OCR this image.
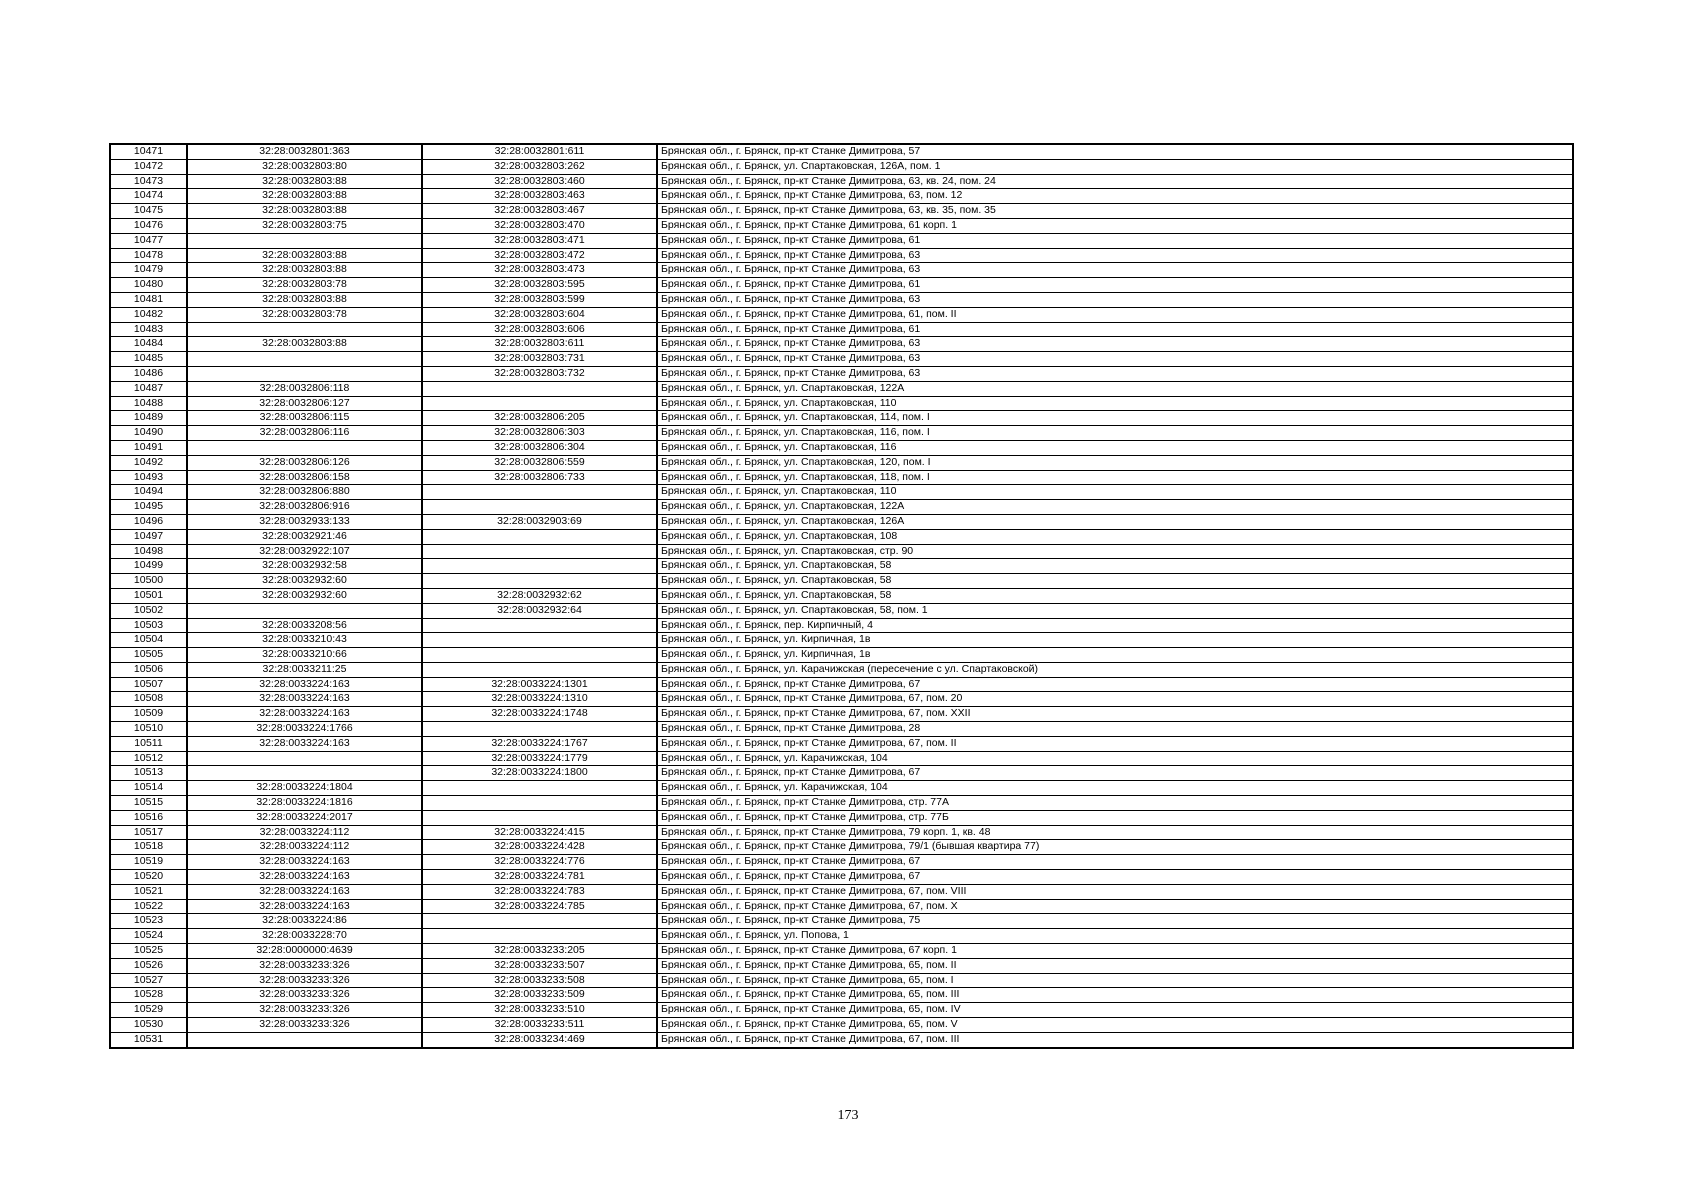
10471	32:28:0032801:363	32:28:0032801:611	Брянская обл., г. Брянск, пр-кт Станке Димитрова, 57
10472	32:28:0032803:80	32:28:0032803:262	Брянская обл., г. Брянск, ул. Спартаковская, 126А, пом. 1
10473	32:28:0032803:88	32:28:0032803:460	Брянская обл., г. Брянск, пр-кт Станке Димитрова, 63, кв. 24, пом. 24
10474	32:28:0032803:88	32:28:0032803:463	Брянская обл., г. Брянск, пр-кт Станке Димитрова, 63, пом. 12
10475	32:28:0032803:88	32:28:0032803:467	Брянская обл., г. Брянск, пр-кт Станке Димитрова, 63, кв. 35, пом. 35
10476	32:28:0032803:75	32:28:0032803:470	Брянская обл., г. Брянск, пр-кт Станке Димитрова, 61 корп. 1
10477		32:28:0032803:471	Брянская обл., г. Брянск, пр-кт Станке Димитрова, 61
10478	32:28:0032803:88	32:28:0032803:472	Брянская обл., г. Брянск, пр-кт Станке Димитрова, 63
10479	32:28:0032803:88	32:28:0032803:473	Брянская обл., г. Брянск, пр-кт Станке Димитрова, 63
10480	32:28:0032803:78	32:28:0032803:595	Брянская обл., г. Брянск, пр-кт Станке Димитрова, 61
10481	32:28:0032803:88	32:28:0032803:599	Брянская обл., г. Брянск, пр-кт Станке Димитрова, 63
10482	32:28:0032803:78	32:28:0032803:604	Брянская обл., г. Брянск, пр-кт Станке Димитрова, 61, пом. II
10483		32:28:0032803:606	Брянская обл., г. Брянск, пр-кт Станке Димитрова, 61
10484	32:28:0032803:88	32:28:0032803:611	Брянская обл., г. Брянск, пр-кт Станке Димитрова, 63
10485		32:28:0032803:731	Брянская обл., г. Брянск, пр-кт Станке Димитрова, 63
10486		32:28:0032803:732	Брянская обл., г. Брянск, пр-кт Станке Димитрова, 63
10487	32:28:0032806:118		Брянская обл., г. Брянск, ул. Спартаковская, 122А
10488	32:28:0032806:127		Брянская обл., г. Брянск, ул. Спартаковская, 110
10489	32:28:0032806:115	32:28:0032806:205	Брянская обл., г. Брянск, ул. Спартаковская, 114, пом. I
10490	32:28:0032806:116	32:28:0032806:303	Брянская обл., г. Брянск, ул. Спартаковская, 116, пом. I
10491		32:28:0032806:304	Брянская обл., г. Брянск, ул. Спартаковская, 116
10492	32:28:0032806:126	32:28:0032806:559	Брянская обл., г. Брянск, ул. Спартаковская, 120, пом. I
10493	32:28:0032806:158	32:28:0032806:733	Брянская обл., г. Брянск, ул. Спартаковская, 118, пом. I
10494	32:28:0032806:880		Брянская обл., г. Брянск, ул. Спартаковская, 110
10495	32:28:0032806:916		Брянская обл., г. Брянск, ул. Спартаковская, 122А
10496	32:28:0032933:133	32:28:0032903:69	Брянская обл., г. Брянск, ул. Спартаковская, 126А
10497	32:28:0032921:46		Брянская обл., г. Брянск, ул. Спартаковская, 108
10498	32:28:0032922:107		Брянская обл., г. Брянск, ул. Спартаковская, стр. 90
10499	32:28:0032932:58		Брянская обл., г. Брянск, ул. Спартаковская, 58
10500	32:28:0032932:60		Брянская обл., г. Брянск, ул. Спартаковская, 58
10501	32:28:0032932:60	32:28:0032932:62	Брянская обл., г. Брянск, ул. Спартаковская, 58
10502		32:28:0032932:64	Брянская обл., г. Брянск, ул. Спартаковская, 58, пом. 1
10503	32:28:0033208:56		Брянская обл., г. Брянск, пер. Кирпичный, 4
10504	32:28:0033210:43		Брянская обл., г. Брянск, ул. Кирпичная, 1в
10505	32:28:0033210:66		Брянская обл., г. Брянск, ул. Кирпичная, 1в
10506	32:28:0033211:25		Брянская обл., г. Брянск, ул. Карачижская (пересечение с ул. Спартаковской)
10507	32:28:0033224:163	32:28:0033224:1301	Брянская обл., г. Брянск, пр-кт Станке Димитрова, 67
10508	32:28:0033224:163	32:28:0033224:1310	Брянская обл., г. Брянск, пр-кт Станке Димитрова, 67, пом. 20
10509	32:28:0033224:163	32:28:0033224:1748	Брянская обл., г. Брянск, пр-кт Станке Димитрова, 67, пом. XXII
10510	32:28:0033224:1766		Брянская обл., г. Брянск, пр-кт Станке Димитрова, 28
10511	32:28:0033224:163	32:28:0033224:1767	Брянская обл., г. Брянск, пр-кт Станке Димитрова, 67, пом. II
10512		32:28:0033224:1779	Брянская обл., г. Брянск, ул. Карачижская, 104
10513		32:28:0033224:1800	Брянская обл., г. Брянск, пр-кт Станке Димитрова, 67
10514	32:28:0033224:1804		Брянская обл., г. Брянск, ул. Карачижская, 104
10515	32:28:0033224:1816		Брянская обл., г. Брянск, пр-кт Станке Димитрова, стр. 77А
10516	32:28:0033224:2017		Брянская обл., г. Брянск, пр-кт Станке Димитрова, стр. 77Б
10517	32:28:0033224:112	32:28:0033224:415	Брянская обл., г. Брянск, пр-кт Станке Димитрова, 79 корп. 1, кв. 48
10518	32:28:0033224:112	32:28:0033224:428	Брянская обл., г. Брянск, пр-кт Станке Димитрова, 79/1 (бывшая квартира 77)
10519	32:28:0033224:163	32:28:0033224:776	Брянская обл., г. Брянск, пр-кт Станке Димитрова, 67
10520	32:28:0033224:163	32:28:0033224:781	Брянская обл., г. Брянск, пр-кт Станке Димитрова, 67
10521	32:28:0033224:163	32:28:0033224:783	Брянская обл., г. Брянск, пр-кт Станке Димитрова, 67, пом. VIII
10522	32:28:0033224:163	32:28:0033224:785	Брянская обл., г. Брянск, пр-кт Станке Димитрова, 67, пом. X
10523	32:28:0033224:86		Брянская обл., г. Брянск, пр-кт Станке Димитрова, 75
10524	32:28:0033228:70		Брянская обл., г. Брянск, ул. Попова, 1
10525	32:28:0000000:4639	32:28:0033233:205	Брянская обл., г. Брянск, пр-кт Станке Димитрова, 67 корп. 1
10526	32:28:0033233:326	32:28:0033233:507	Брянская обл., г. Брянск, пр-кт Станке Димитрова, 65, пом. II
10527	32:28:0033233:326	32:28:0033233:508	Брянская обл., г. Брянск, пр-кт Станке Димитрова, 65, пом. I
10528	32:28:0033233:326	32:28:0033233:509	Брянская обл., г. Брянск, пр-кт Станке Димитрова, 65, пом. III
10529	32:28:0033233:326	32:28:0033233:510	Брянская обл., г. Брянск, пр-кт Станке Димитрова, 65, пом. IV
10530	32:28:0033233:326	32:28:0033233:511	Брянская обл., г. Брянск, пр-кт Станке Димитрова, 65, пом. V
10531		32:28:0033234:469	Брянская обл., г. Брянск, пр-кт Станке Димитрова, 67, пом. III
173
